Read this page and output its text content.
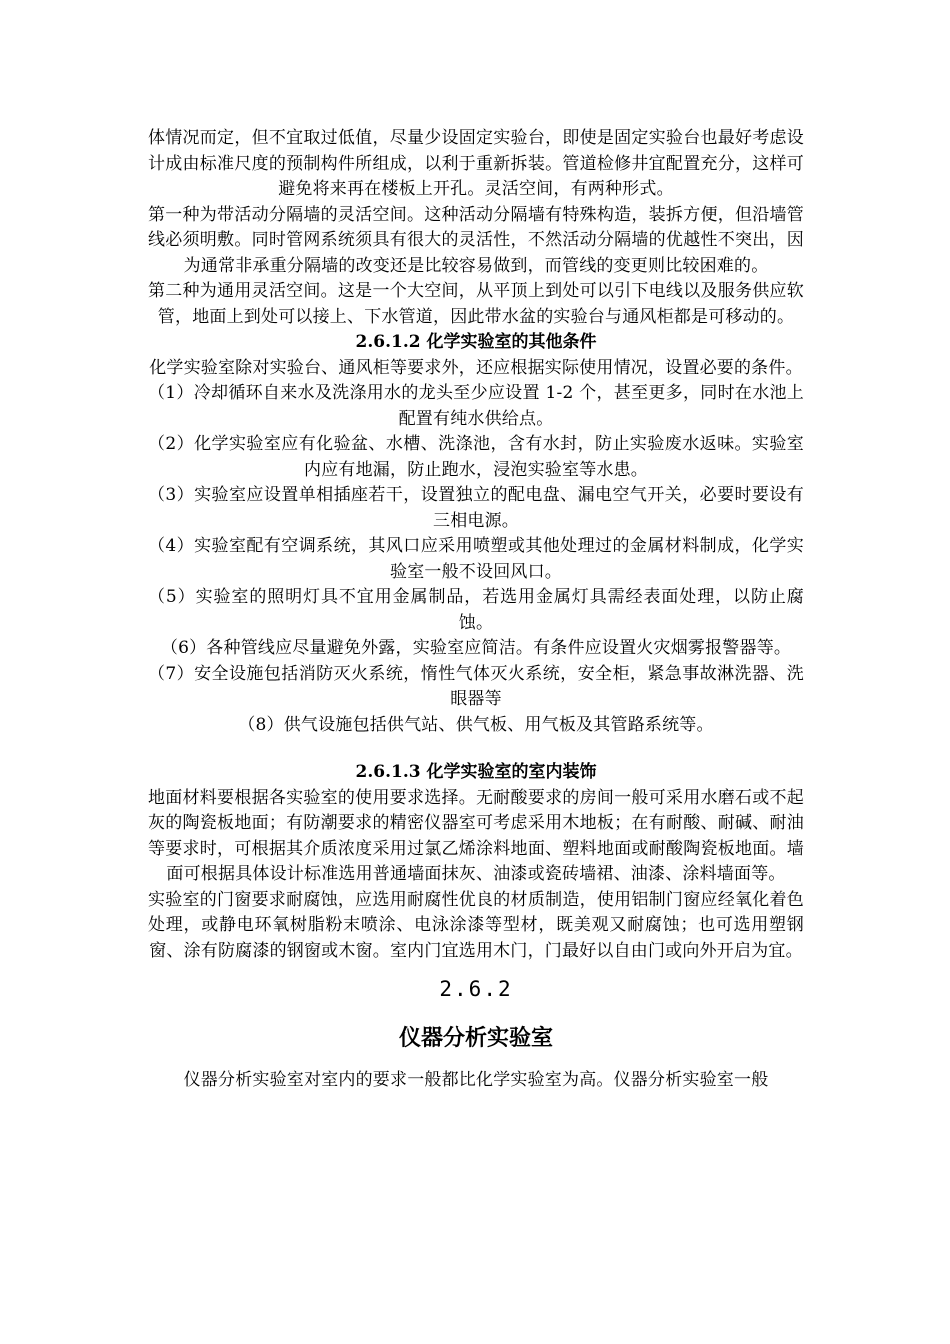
体情况而定，但不宜取过低值，尽量少设固定实验台，即使是固定实验台也最好考虑设计成由标准尺度的预制构件所组成，以利于重新拆装。管道检修井宜配置充分，这样可避免将来再在楼板上开孔。灵活空间，有两种形式。

第一种为带活动分隔墙的灵活空间。这种活动分隔墙有特殊构造，装拆方便，但沿墙管线必须明敷。同时管网系统须具有很大的灵活性，不然活动分隔墙的优越性不突出，因为通常非承重分隔墙的改变还是比较容易做到，而管线的变更则比较困难的。

第二种为通用灵活空间。这是一个大空间，从平顶上到处可以引下电线以及服务供应软管，地面上到处可以接上、下水管道，因此带水盆的实验台与通风柜都是可移动的。

2.6.1.2 化学实验室的其他条件

化学实验室除对实验台、通风柜等要求外，还应根据实际使用情况，设置必要的条件。

（1）冷却循环自来水及洗涤用水的龙头至少应设置 1-2 个，甚至更多，同时在水池上配置有纯水供给点。

（2）化学实验室应有化验盆、水槽、洗涤池，含有水封，防止实验废水返味。实验室内应有地漏，防止跑水，浸泡实验室等水患。

（3）实验室应设置单相插座若干，设置独立的配电盘、漏电空气开关，必要时要设有三相电源。

（4）实验室配有空调系统，其风口应采用喷塑或其他处理过的金属材料制成，化学实验室一般不设回风口。

（5）实验室的照明灯具不宜用金属制品，若选用金属灯具需经表面处理，以防止腐蚀。

（6）各种管线应尽量避免外露，实验室应简洁。有条件应设置火灾烟雾报警器等。

（7）安全设施包括消防灭火系统，惰性气体灭火系统，安全柜，紧急事故淋洗器、洗眼器等

（8）供气设施包括供气站、供气板、用气板及其管路系统等。

2.6.1.3 化学实验室的室内装饰

地面材料要根据各实验室的使用要求选择。无耐酸要求的房间一般可采用水磨石或不起灰的陶瓷板地面；有防潮要求的精密仪器室可考虑采用木地板；在有耐酸、耐碱、耐油等要求时，可根据其介质浓度采用过氯乙烯涂料地面、塑料地面或耐酸陶瓷板地面。墙面可根据具体设计标准选用普通墙面抹灰、油漆或瓷砖墙裙、油漆、涂料墙面等。

实验室的门窗要求耐腐蚀，应选用耐腐性优良的材质制造，使用铝制门窗应经氧化着色处理，或静电环氧树脂粉末喷涂、电泳涂漆等型材，既美观又耐腐蚀；也可选用塑钢窗、涂有防腐漆的钢窗或木窗。室内门宜选用木门，门最好以自由门或向外开启为宜。

2.6.2

仪器分析实验室

仪器分析实验室对室内的要求一般都比化学实验室为高。仪器分析实验室一般
